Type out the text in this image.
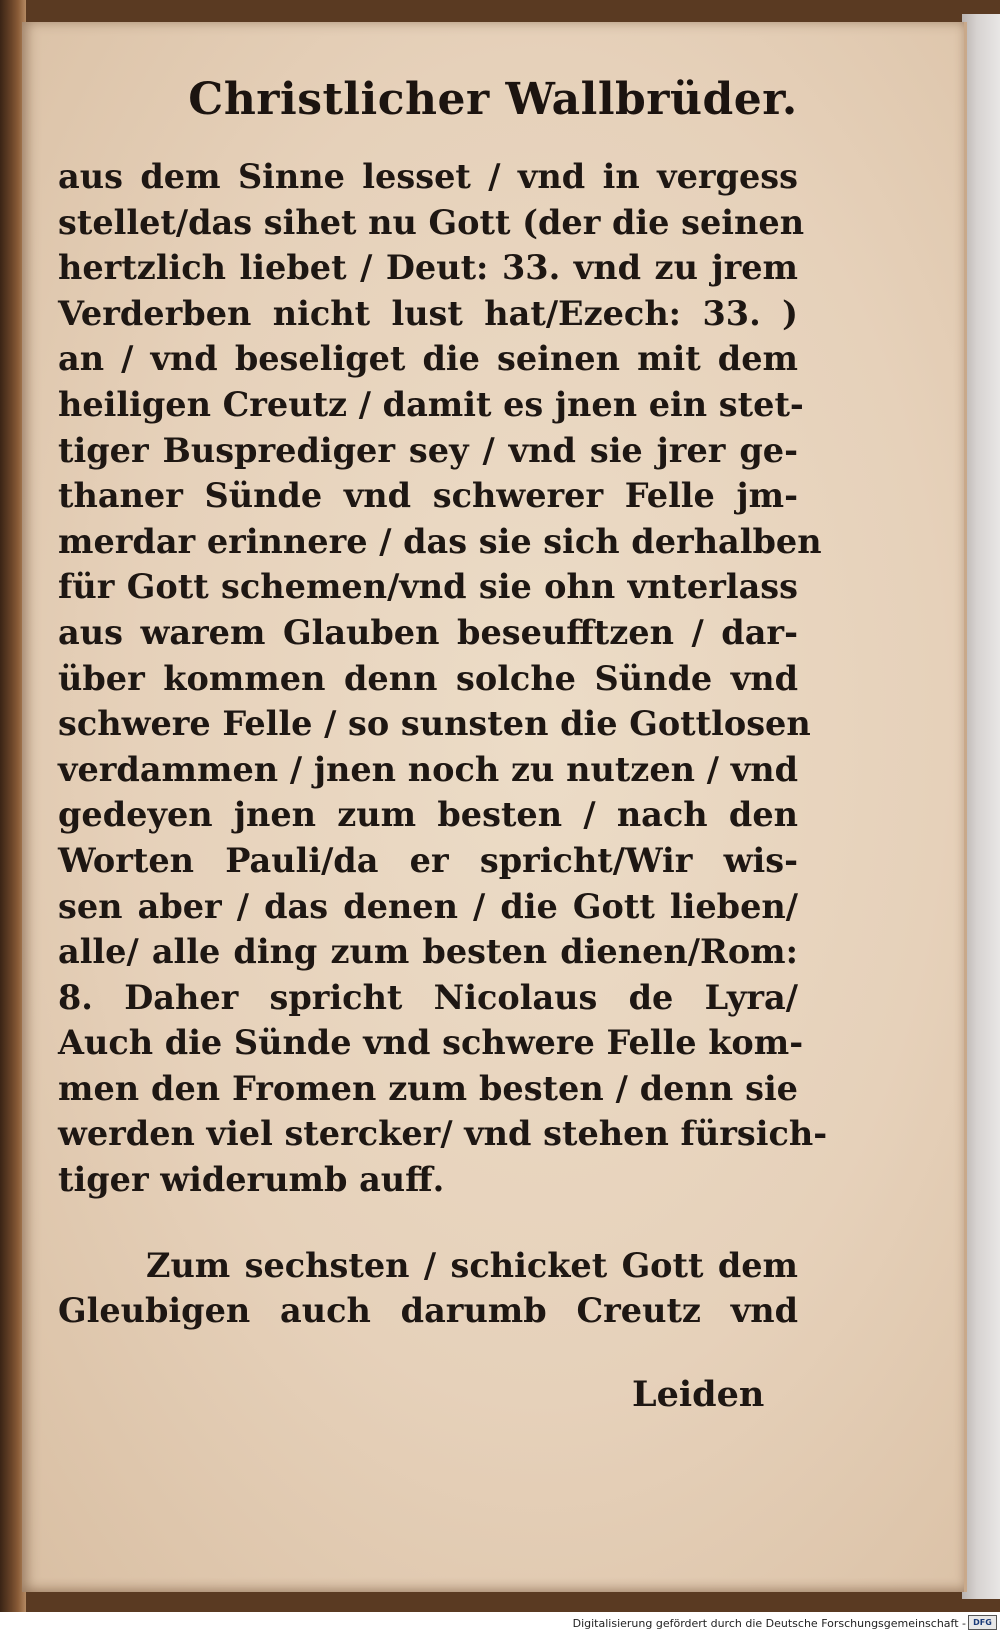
Christlicher Wallbrüder.
aus dem Sinne lesset / vnd in vergess
stellet/das sihet nu Gott (der die seinen
hertzlich liebet / Deut: 33. vnd zu jrem
Verderben nicht lust hat/Ezech: 33. )
an / vnd beseliget die seinen mit dem
heiligen Creutz / damit es jnen ein stet-
tiger Busprediger sey / vnd sie jrer ge-
thaner Sünde vnd schwerer Felle jm-
merdar erinnere / das sie sich derhalben
für Gott schemen/vnd sie ohn vnterlass
aus warem Glauben beseufftzen / dar-
über kommen denn solche Sünde vnd
schwere Felle / so sunsten die Gottlosen
verdammen / jnen noch zu nutzen / vnd
gedeyen jnen zum besten / nach den
Worten Pauli/da er spricht/Wir wis-
sen aber / das denen / die Gott lieben/
alle/ alle ding zum besten dienen/Rom:
8. Daher spricht Nicolaus de Lyra/
Auch die Sünde vnd schwere Felle kom-
men den Fromen zum besten / denn sie
werden viel stercker/ vnd stehen fürsich-
tiger widerumb auff.
Zum sechsten / schicket Gott dem
Gleubigen auch darumb Creutz vnd
Leiden
Digitalisierung gefördert durch die Deutsche Forschungsgemeinschaft - DFG
